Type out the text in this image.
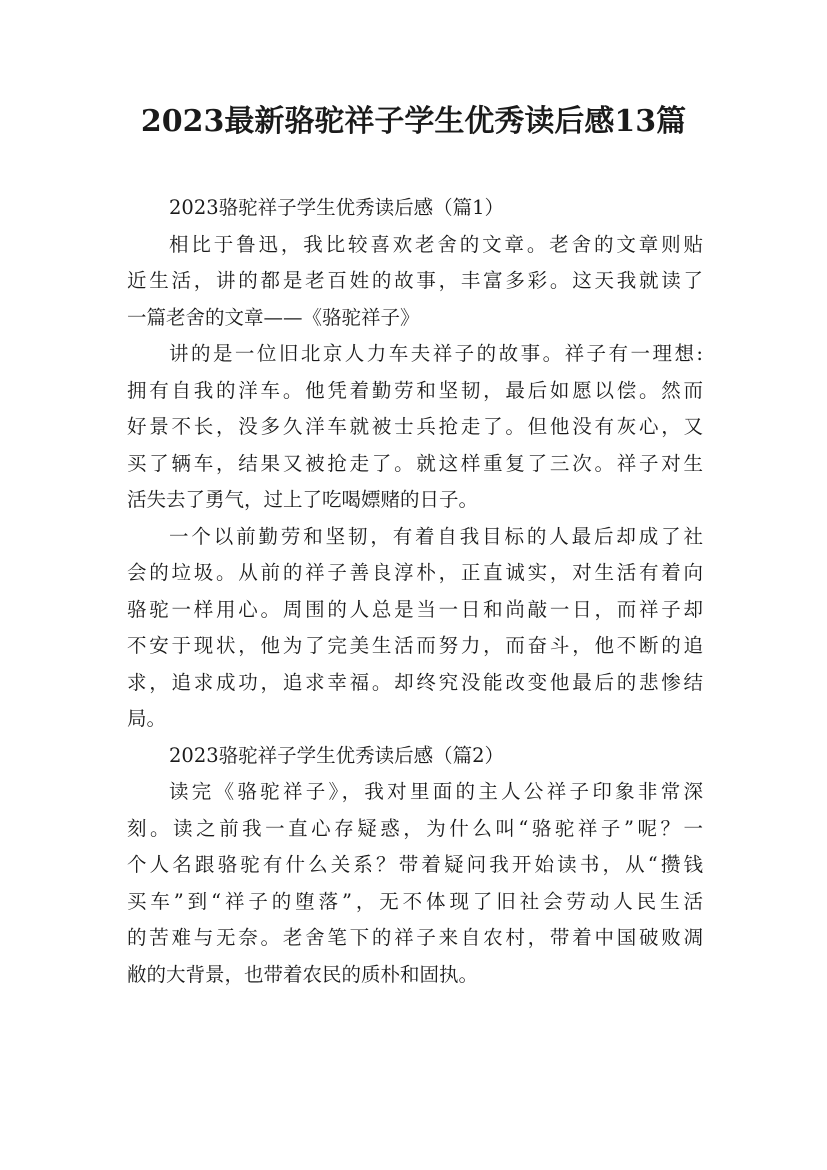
2023最新骆驼祥子学生优秀读后感13篇
2023骆驼祥子学生优秀读后感（篇1）
相比于鲁迅，我比较喜欢老舍的文章。老舍的文章则贴
近生活，讲的都是老百姓的故事，丰富多彩。这天我就读了
一篇老舍的文章——《骆驼祥子》
讲的是一位旧北京人力车夫祥子的故事。祥子有一理想:
拥有自我的洋车。他凭着勤劳和坚韧，最后如愿以偿。然而
好景不长，没多久洋车就被士兵抢走了。但他没有灰心，又
买了辆车，结果又被抢走了。就这样重复了三次。祥子对生
活失去了勇气，过上了吃喝嫖赌的日子。
一个以前勤劳和坚韧，有着自我目标的人最后却成了社
会的垃圾。从前的祥子善良淳朴，正直诚实，对生活有着向
骆驼一样用心。周围的人总是当一日和尚敲一日，而祥子却
不安于现状，他为了完美生活而努力，而奋斗，他不断的追
求，追求成功，追求幸福。却终究没能改变他最后的悲惨结
局。
2023骆驼祥子学生优秀读后感（篇2）
读完《骆驼祥子》，我对里面的主人公祥子印象非常深
刻。读之前我一直心存疑惑，为什么叫“骆驼祥子”呢？一
个人名跟骆驼有什么关系？带着疑问我开始读书，从“攒钱
买车”到“祥子的堕落”，无不体现了旧社会劳动人民生活
的苦难与无奈。老舍笔下的祥子来自农村，带着中国破败凋
敝的大背景，也带着农民的质朴和固执。
